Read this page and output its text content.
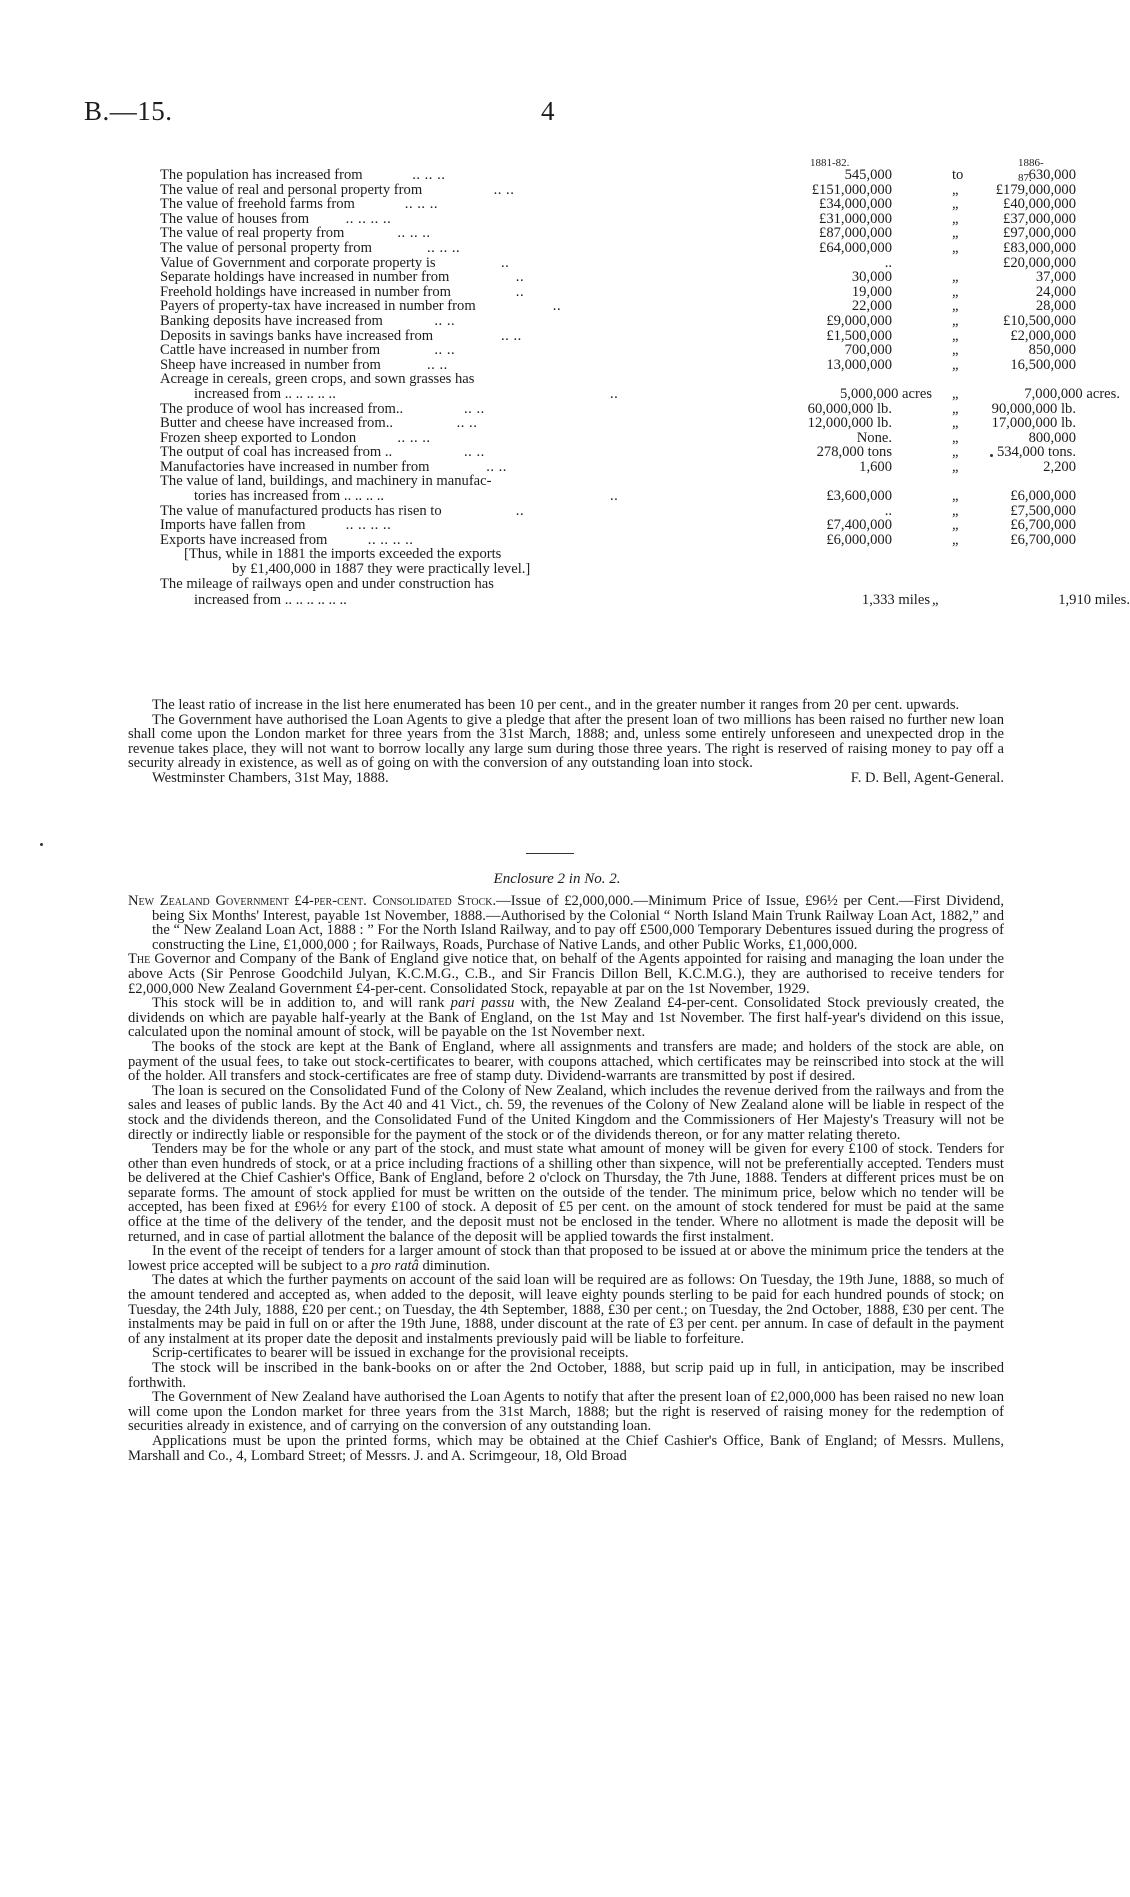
B.—15.	4
1881-82.	1886-87.
The population has increased from	.. .. ..	545,000	to	630,000
The value of real and personal property from	.. ..	£151,000,000	„	£179,000,000
The value of freehold farms from	.. .. ..	£34,000,000	„	£40,000,000
The value of houses from .. .. .. ..	£31,000,000	„	£37,000,000
The value of real property from	.. .. ..	£87,000,000	„	£97,000,000
The value of personal property from	.. .. ..	£64,000,000	„	£83,000,000
Value of Government and corporate property is	..	..	£20,000,000
Separate holdings have increased in number from	..	30,000	„	37,000
Freehold holdings have increased in number from	..	19,000	„	24,000
Payers of property-tax have increased in number from	..	22,000	„	28,000
Banking deposits have increased from	.. ..	£9,000,000	„	£10,500,000
Deposits in savings banks have increased from	.. ..	£1,500,000	„	£2,000,000
Cattle have increased in number from	.. ..	700,000	„	850,000
Sheep have increased in number from	.. ..	13,000,000	„	16,500,000
Acreage in cereals, green crops, and sown grasses has
increased from .. .. .. .. ..	..	5,000,000 acres „	7,000,000 acres.
The produce of wool has increased from..	.. ..	60,000,000 lb.	„	90,000,000 lb.
Butter and cheese have increased from..	.. ..	12,000,000 lb.	„	17,000,000 lb.
Frozen sheep exported to London	.. .. ..	None.	„	800,000
The output of coal has increased from ..	.. ..	278,000 tons	„	534,000 tons.
Manufactories have increased in number from	.. ..	1,600	„	2,200
The value of land, buildings, and machinery in manufac-
tories has increased from .. .. .. ..	..	£3,600,000	„	£6,000,000
The value of manufactured products has risen to	..	..	„	£7,500,000
Imports have fallen from	.. .. .. ..	£7,400,000	„	£6,700,000
Exports have increased from	.. .. .. ..	£6,000,000	„	£6,700,000
[Thus, while in 1881 the imports exceeded the exports
by £1,400,000 in 1887 they were practically level.]
The mileage of railways open and under construction has
increased from .. .. .. .. .. ..	1,333 miles „	1,910 miles.

The least ratio of increase in the list here enumerated has been 10 per cent., and in the greater number it ranges from 20 per cent. upwards.

The Government have authorised the Loan Agents to give a pledge that after the present loan of two millions has been raised no further new loan shall come upon the London market for three years from the 31st March, 1888; and, unless some entirely unforeseen and unexpected drop in the revenue takes place, they will not want to borrow locally any large sum during those three years. The right is reserved of raising money to pay off a security already in existence, as well as of going on with the conversion of any outstanding loan into stock.

Westminster Chambers, 31st May, 1888.	F. D. Bell, Agent-General.
Enclosure 2 in No. 2.

New Zealand Government £4-per-cent. Consolidated Stock.—Issue of £2,000,000.—Minimum Price of Issue, £96½ per Cent.—First Dividend, being Six Months' Interest, payable 1st November, 1888.—Authorised by the Colonial “ North Island Main Trunk Railway Loan Act, 1882,” and the “ New Zealand Loan Act, 1888 : ” For the North Island Railway, and to pay off £500,000 Temporary Debentures issued during the progress of constructing the Line, £1,000,000 ; for Railways, Roads, Purchase of Native Lands, and other Public Works, £1,000,000.

The Governor and Company of the Bank of England give notice that, on behalf of the Agents appointed for raising and managing the loan under the above Acts (Sir Penrose Goodchild Julyan, K.C.M.G., C.B., and Sir Francis Dillon Bell, K.C.M.G.), they are authorised to receive tenders for £2,000,000 New Zealand Government £4-per-cent. Consolidated Stock, repayable at par on the 1st November, 1929.

This stock will be in addition to, and will rank pari passu with, the New Zealand £4-per-cent. Consolidated Stock previously created, the dividends on which are payable half-yearly at the Bank of England, on the 1st May and 1st November. The first half-year's dividend on this issue, calculated upon the nominal amount of stock, will be payable on the 1st November next.

The books of the stock are kept at the Bank of England, where all assignments and transfers are made; and holders of the stock are able, on payment of the usual fees, to take out stock-certificates to bearer, with coupons attached, which certificates may be reinscribed into stock at the will of the holder. All transfers and stock-certificates are free of stamp duty. Dividend-warrants are transmitted by post if desired.

The loan is secured on the Consolidated Fund of the Colony of New Zealand, which includes the revenue derived from the railways and from the sales and leases of public lands. By the Act 40 and 41 Vict., ch. 59, the revenues of the Colony of New Zealand alone will be liable in respect of the stock and the dividends thereon, and the Consolidated Fund of the United Kingdom and the Commissioners of Her Majesty's Treasury will not be directly or indirectly liable or responsible for the payment of the stock or of the dividends thereon, or for any matter relating thereto.

Tenders may be for the whole or any part of the stock, and must state what amount of money will be given for every £100 of stock. Tenders for other than even hundreds of stock, or at a price including fractions of a shilling other than sixpence, will not be preferentially accepted. Tenders must be delivered at the Chief Cashier's Office, Bank of England, before 2 o'clock on Thursday, the 7th June, 1888. Tenders at different prices must be on separate forms. The amount of stock applied for must be written on the outside of the tender. The minimum price, below which no tender will be accepted, has been fixed at £96½ for every £100 of stock. A deposit of £5 per cent. on the amount of stock tendered for must be paid at the same office at the time of the delivery of the tender, and the deposit must not be enclosed in the tender. Where no allotment is made the deposit will be returned, and in case of partial allotment the balance of the deposit will be applied towards the first instalment.

In the event of the receipt of tenders for a larger amount of stock than that proposed to be issued at or above the minimum price the tenders at the lowest price accepted will be subject to a pro ratâ diminution.

The dates at which the further payments on account of the said loan will be required are as follows: On Tuesday, the 19th June, 1888, so much of the amount tendered and accepted as, when added to the deposit, will leave eighty pounds sterling to be paid for each hundred pounds of stock; on Tuesday, the 24th July, 1888, £20 per cent.; on Tuesday, the 4th September, 1888, £30 per cent.; on Tuesday, the 2nd October, 1888, £30 per cent. The instalments may be paid in full on or after the 19th June, 1888, under discount at the rate of £3 per cent. per annum. In case of default in the payment of any instalment at its proper date the deposit and instalments previously paid will be liable to forfeiture.

Scrip-certificates to bearer will be issued in exchange for the provisional receipts.

The stock will be inscribed in the bank-books on or after the 2nd October, 1888, but scrip paid up in full, in anticipation, may be inscribed forthwith.

The Government of New Zealand have authorised the Loan Agents to notify that after the present loan of £2,000,000 has been raised no new loan will come upon the London market for three years from the 31st March, 1888; but the right is reserved of raising money for the redemption of securities already in existence, and of carrying on the conversion of any outstanding loan.

Applications must be upon the printed forms, which may be obtained at the Chief Cashier's Office, Bank of England; of Messrs. Mullens, Marshall and Co., 4, Lombard Street; of Messrs. J. and A. Scrimgeour, 18, Old Broad
